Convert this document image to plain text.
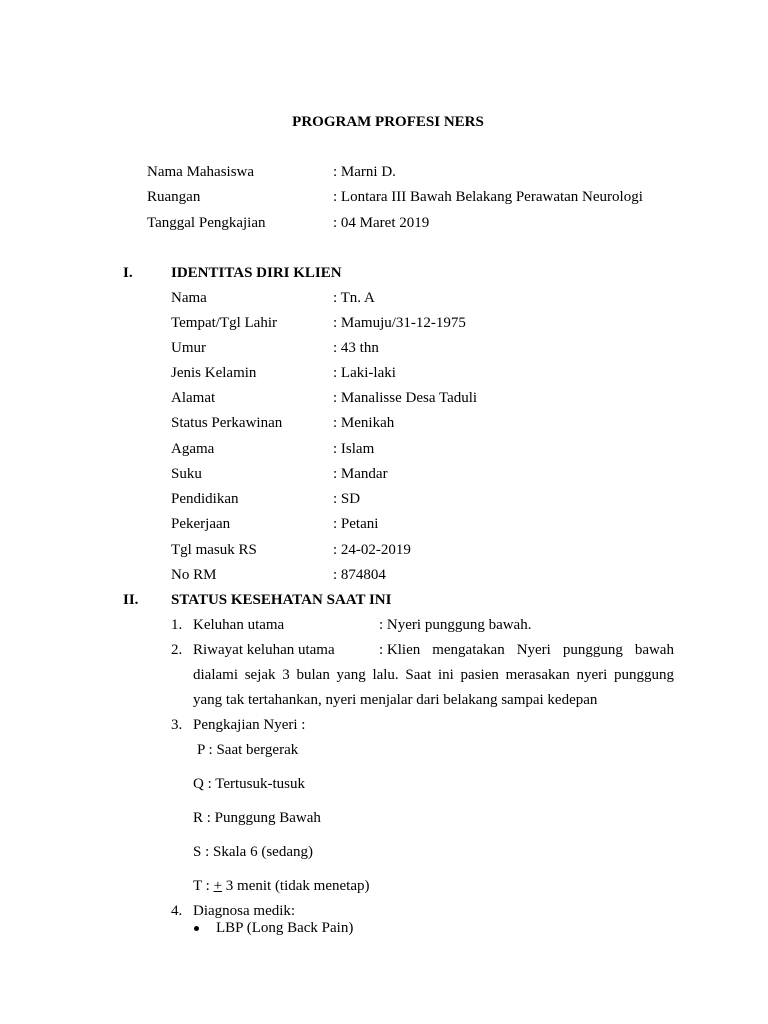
PROGRAM PROFESI NERS
Nama Mahasiswa	: Marni D.
Ruangan	: Lontara III Bawah Belakang Perawatan Neurologi
Tanggal Pengkajian	: 04 Maret 2019
I.	IDENTITAS DIRI KLIEN
Nama	: Tn. A
Tempat/Tgl Lahir	: Mamuju/31-12-1975
Umur	: 43 thn
Jenis Kelamin	: Laki-laki
Alamat	: Manalisse Desa Taduli
Status Perkawinan	: Menikah
Agama	: Islam
Suku	: Mandar
Pendidikan	: SD
Pekerjaan	: Petani
Tgl masuk RS	: 24-02-2019
No RM	: 874804
II. STATUS KESEHATAN SAAT INI
1. Keluhan utama	: Nyeri punggung bawah.
2. Riwayat keluhan utama	: Klien mengatakan Nyeri punggung bawah
dialami sejak 3 bulan yang lalu. Saat ini pasien merasakan nyeri punggung
yang tak tertahankan, nyeri menjalar dari belakang sampai kedepan
3. Pengkajian Nyeri :
P : Saat bergerak
Q : Tertusuk-tusuk
R : Punggung Bawah
S : Skala 6 (sedang)
T : + 3 menit (tidak menetap)
4. Diagnosa medik:
LBP (Long Back Pain)
